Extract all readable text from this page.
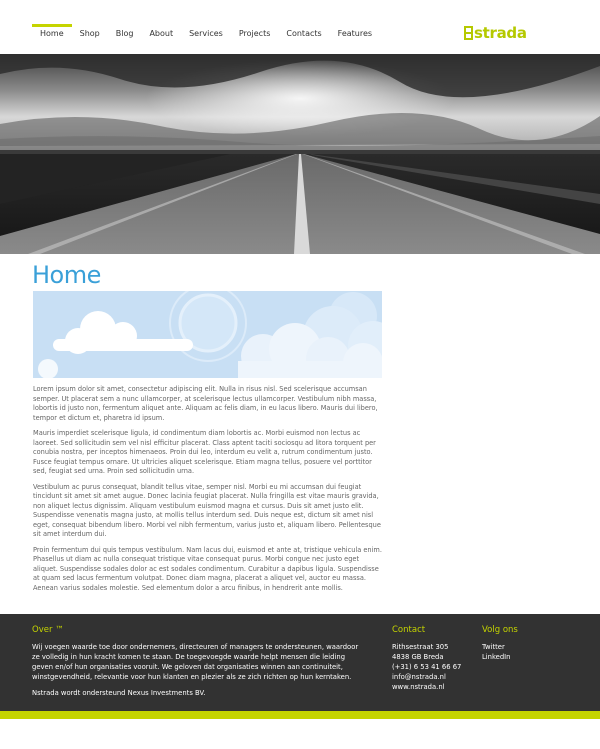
Home	Shop	Blog	About	Services	Projects	Contacts	Features	strada
Home

Lorem ipsum dolor sit amet, consectetur adipiscing elit. Nulla in risus nisl. Sed scelerisque accumsan semper. Ut placerat sem a nunc ullamcorper, at scelerisque lectus ullamcorper. Vestibulum nibh massa, lobortis id justo non, fermentum aliquet ante. Aliquam ac felis diam, in eu lacus libero. Mauris dui libero, tempor et dictum et, pharetra id ipsum.

Mauris imperdiet scelerisque ligula, id condimentum diam lobortis ac. Morbi euismod non lectus ac laoreet. Sed sollicitudin sem vel nisl efficitur placerat. Class aptent taciti sociosqu ad litora torquent per conubia nostra, per inceptos himenaeos. Proin dui leo, interdum eu velit a, rutrum condimentum justo. Fusce feugiat tempus ornare. Ut ultricies aliquet scelerisque. Etiam magna tellus, posuere vel porttitor sed, feugiat sed urna. Proin sed sollicitudin urna.

Vestibulum ac purus consequat, blandit tellus vitae, semper nisl. Morbi eu mi accumsan dui feugiat tincidunt sit amet sit amet augue. Donec lacinia feugiat placerat. Nulla fringilla est vitae mauris gravida, non aliquet lectus dignissim. Aliquam vestibulum euismod magna et cursus. Duis sit amet justo elit. Suspendisse venenatis magna justo, at mollis tellus interdum sed. Duis neque est, dictum sit amet nisl eget, consequat bibendum libero. Morbi vel nibh fermentum, varius justo et, aliquam libero. Pellentesque sit amet interdum dui.

Proin fermentum dui quis tempus vestibulum. Nam lacus dui, euismod et ante at, tristique vehicula enim. Phasellus ut diam ac nulla consequat tristique vitae consequat purus. Morbi congue nec justo eget aliquet. Suspendisse sodales dolor ac est sodales condimentum. Curabitur a dapibus ligula. Suspendisse at quam sed lacus fermentum volutpat. Donec diam magna, placerat a aliquet vel, auctor eu massa. Aenean varius sodales molestie. Sed elementum dolor a arcu finibus, in hendrerit ante mollis.

Over ™

Wij voegen waarde toe door ondernemers, directeuren of managers te ondersteunen, waardoor ze volledig in hun kracht komen te staan. De toegevoegde waarde helpt mensen die leiding geven en/of hun organisaties vooruit. We geloven dat organisaties winnen aan continuiteit, winstgevendheid, relevantie voor hun klanten en plezier als ze zich richten op hun kerntaken.

Nstrada wordt ondersteund Nexus Investments BV.

Contact
Rithsestraat 305
4838 GB Breda
(+31) 6 53 41 66 67
info@nstrada.nl
www.nstrada.nl
Volg ons
Twitter
LinkedIn
